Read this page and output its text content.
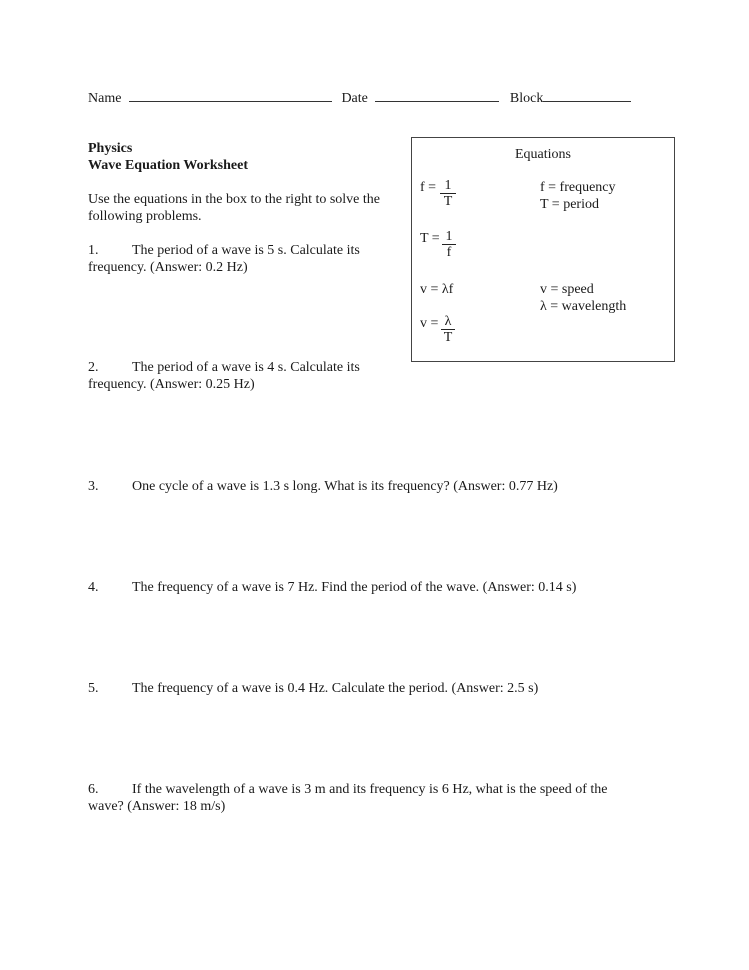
Name	Date	Block
Physics
Wave Equation Worksheet
Use the equations in the box to the right to solve the
following problems.
Equations
$f = \frac{1}{T}$
$T = \frac{1}{f}$
v = λf
$v = \frac{\lambda}{T}$
f = frequency
T = period
v = speed
λ = wavelength
1. The period of a wave is 5 s. Calculate its
frequency. (Answer: 0.2 Hz)
2. The period of a wave is 4 s. Calculate its
frequency. (Answer: 0.25 Hz)
3. One cycle of a wave is 1.3 s long. What is its frequency? (Answer: 0.77 Hz)
4. The frequency of a wave is 7 Hz. Find the period of the wave. (Answer: 0.14 s)
5. The frequency of a wave is 0.4 Hz. Calculate the period. (Answer: 2.5 s)
6. If the wavelength of a wave is 3 m and its frequency is 6 Hz, what is the speed of the
wave? (Answer: 18 m/s)
